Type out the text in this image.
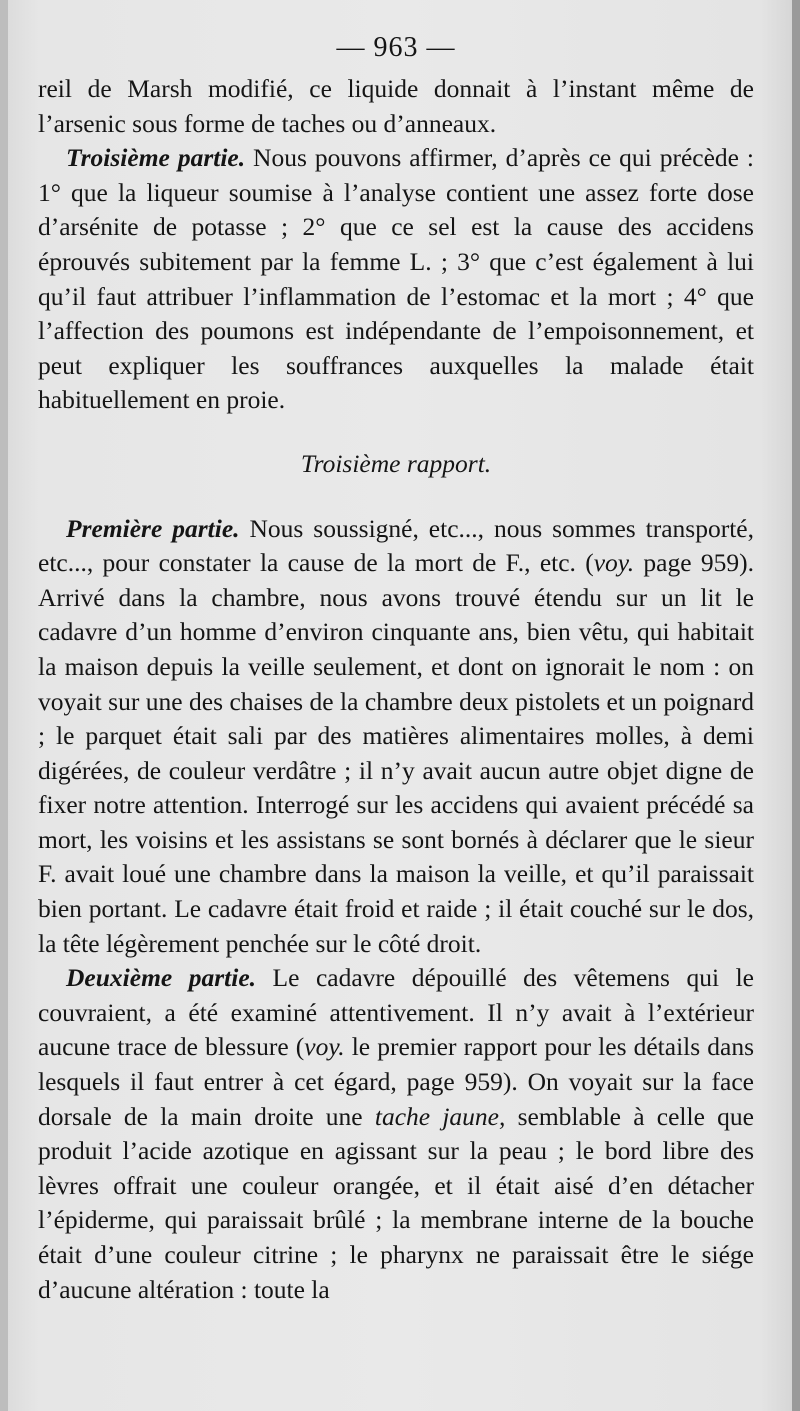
— 963 —

reil de Marsh modifié, ce liquide donnait à l’instant même de l’arsenic sous forme de taches ou d’anneaux.

Troisième partie. Nous pouvons affirmer, d’après ce qui précède : 1° que la liqueur soumise à l’analyse contient une assez forte dose d’arsénite de potasse ; 2° que ce sel est la cause des accidens éprouvés subitement par la femme L. ; 3° que c’est également à lui qu’il faut attribuer l’inflammation de l’estomac et la mort ; 4° que l’affection des poumons est indépendante de l’empoisonnement, et peut expliquer les souffrances auxquelles la malade était habituellement en proie.

Troisième rapport.

Première partie. Nous soussigné, etc..., nous sommes transporté, etc..., pour constater la cause de la mort de F., etc. (voy. page 959). Arrivé dans la chambre, nous avons trouvé étendu sur un lit le cadavre d’un homme d’environ cinquante ans, bien vêtu, qui habitait la maison depuis la veille seulement, et dont on ignorait le nom : on voyait sur une des chaises de la chambre deux pistolets et un poignard ; le parquet était sali par des matières alimentaires molles, à demi digérées, de couleur verdâtre ; il n’y avait aucun autre objet digne de fixer notre attention. Interrogé sur les accidens qui avaient précédé sa mort, les voisins et les assistans se sont bornés à déclarer que le sieur F. avait loué une chambre dans la maison la veille, et qu’il paraissait bien portant. Le cadavre était froid et raide ; il était couché sur le dos, la tête légèrement penchée sur le côté droit.

Deuxième partie. Le cadavre dépouillé des vêtemens qui le couvraient, a été examiné attentivement. Il n’y avait à l’extérieur aucune trace de blessure (voy. le premier rapport pour les détails dans lesquels il faut entrer à cet égard, page 959). On voyait sur la face dorsale de la main droite une tache jaune, semblable à celle que produit l’acide azotique en agissant sur la peau ; le bord libre des lèvres offrait une couleur orangée, et il était aisé d’en détacher l’épiderme, qui paraissait brûlé ; la membrane interne de la bouche était d’une couleur citrine ; le pharynx ne paraissait être le siége d’aucune altération : toute la
